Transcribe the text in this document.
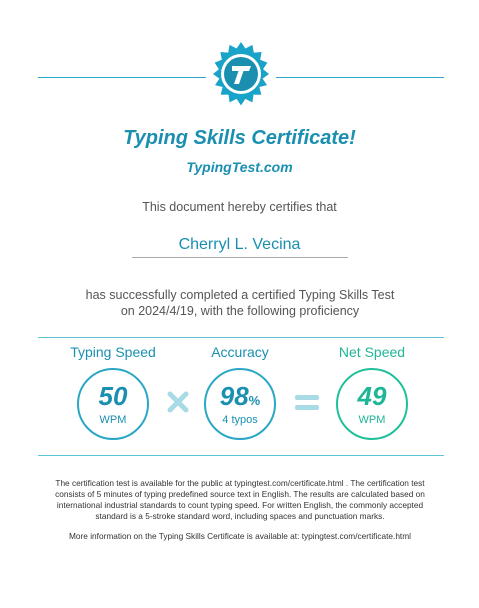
Typing Skills Certificate!
TypingTest.com
This document hereby certifies that
Cherryl L. Vecina
has successfully completed a certified Typing Skills Test on 2024/4/19, with the following proficiency
Typing Speed	Accuracy	Net Speed
50
WPM
98%
4 typos
49
WPM
The certification test is available for the public at typingtest.com/certificate.html . The certification test consists of 5 minutes of typing predefined source text in English. The results are calculated based on international industrial standards to count typing speed. For written English, the commonly accepted standard is a 5-stroke standard word, including spaces and punctuation marks.
More information on the Typing Skills Certificate is available at: typingtest.com/certificate.html
